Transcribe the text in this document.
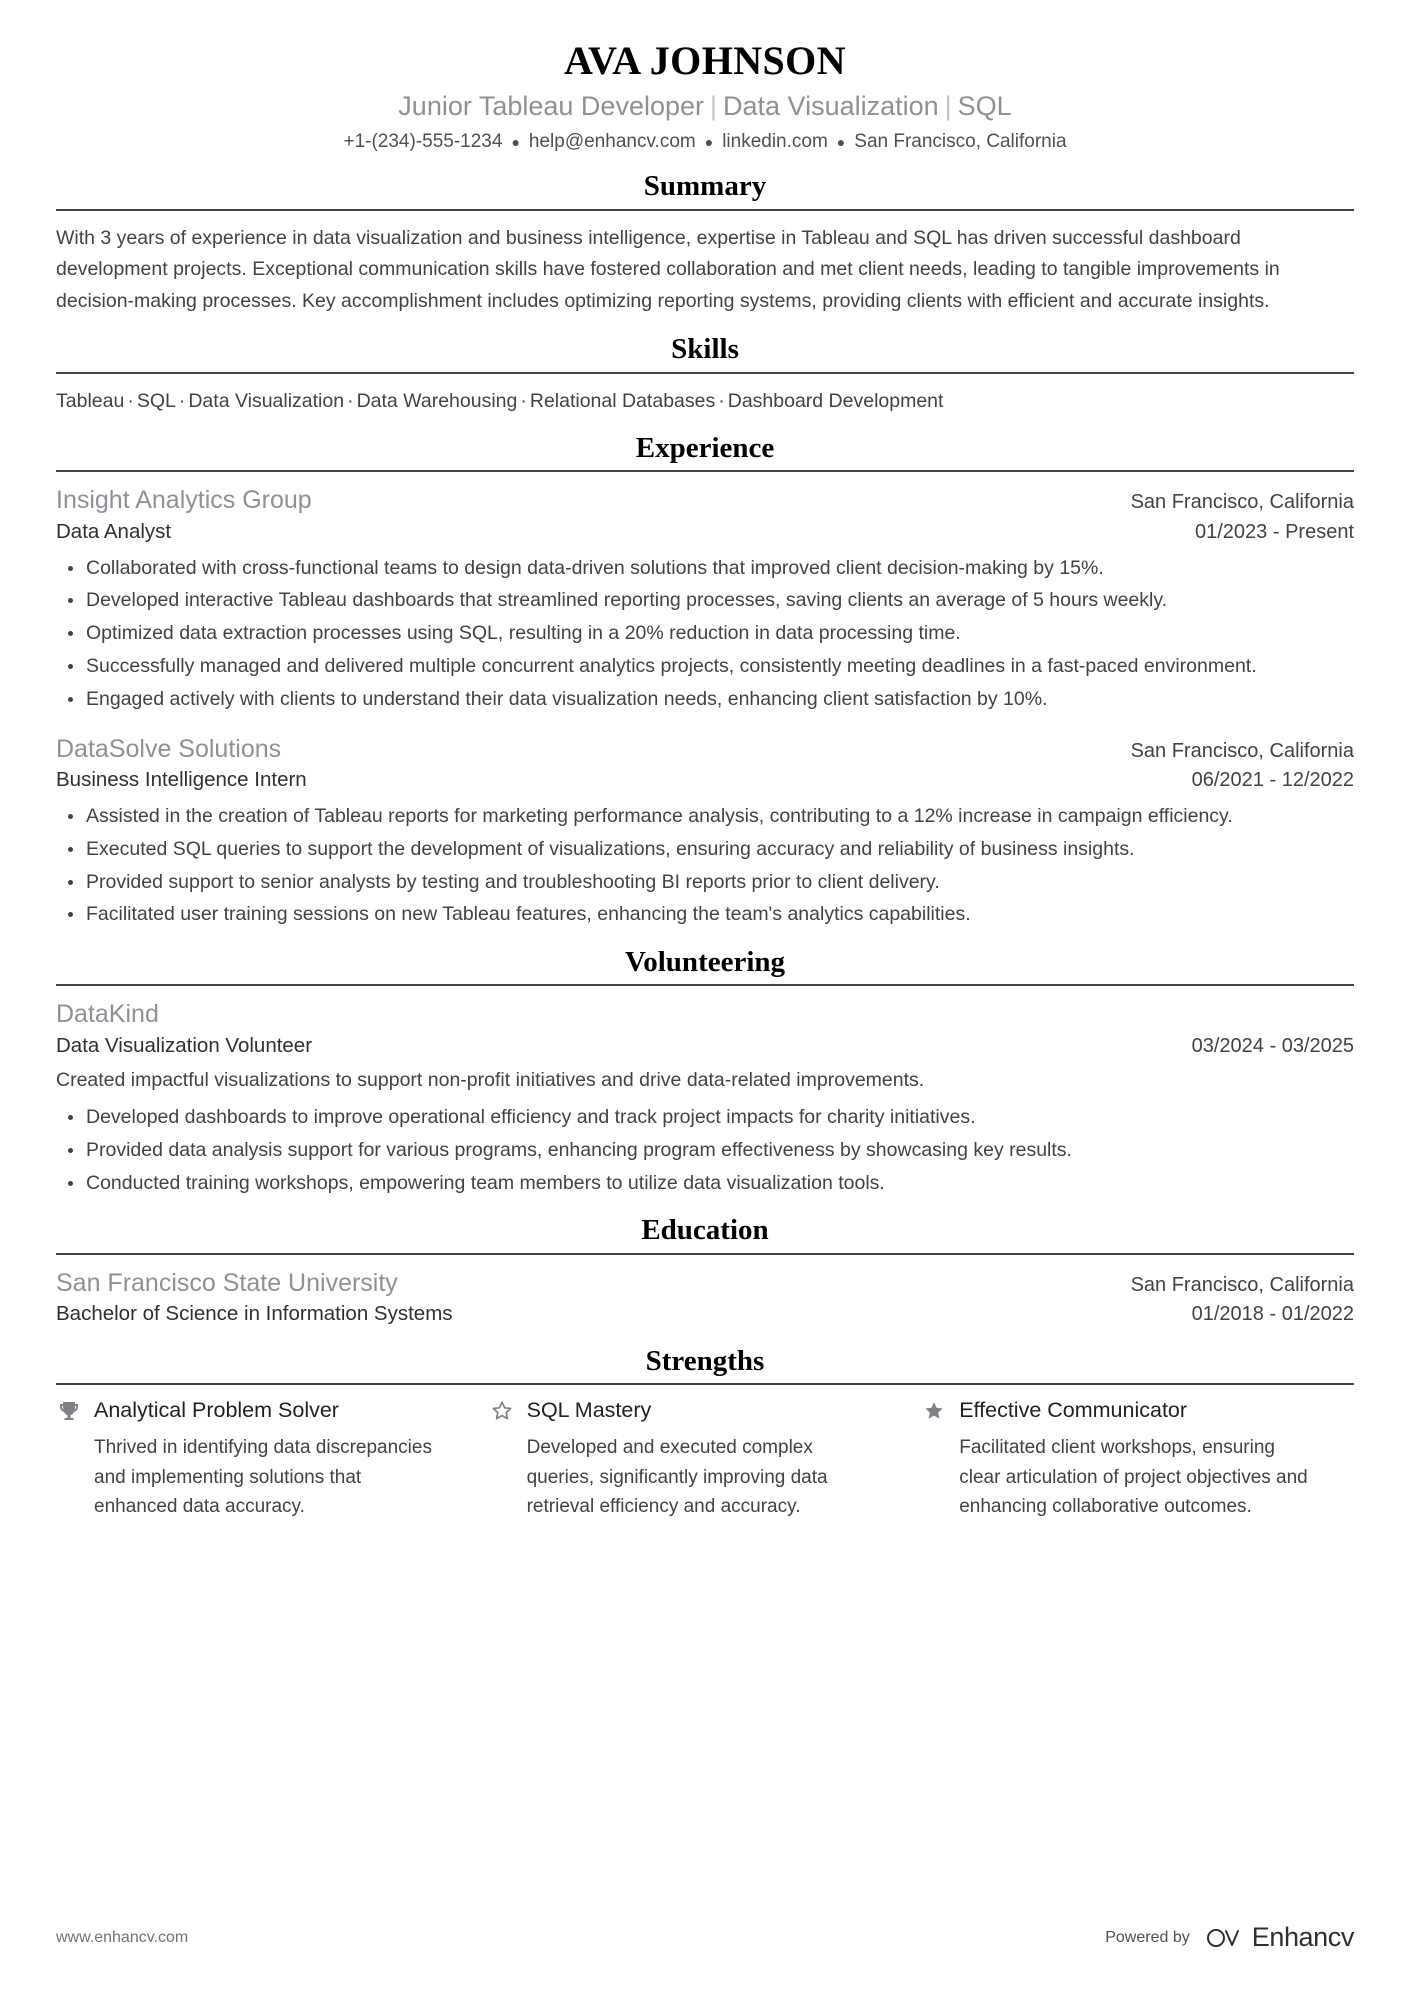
AVA JOHNSON
Junior Tableau Developer | Data Visualization | SQL
+1-(234)-555-1234 ● help@enhancv.com ● linkedin.com ● San Francisco, California
Summary

With 3 years of experience in data visualization and business intelligence, expertise in Tableau and SQL has driven successful dashboard development projects. Exceptional communication skills have fostered collaboration and met client needs, leading to tangible improvements in decision-making processes. Key accomplishment includes optimizing reporting systems, providing clients with efficient and accurate insights.

Skills
Tableau · SQL · Data Visualization · Data Warehousing · Relational Databases · Dashboard Development
Experience
Insight Analytics Group	San Francisco, California
Data Analyst	01/2023 - Present
Collaborated with cross-functional teams to design data-driven solutions that improved client decision-making by 15%.
Developed interactive Tableau dashboards that streamlined reporting processes, saving clients an average of 5 hours weekly.
Optimized data extraction processes using SQL, resulting in a 20% reduction in data processing time.
Successfully managed and delivered multiple concurrent analytics projects, consistently meeting deadlines in a fast-paced environment.
Engaged actively with clients to understand their data visualization needs, enhancing client satisfaction by 10%.
DataSolve Solutions	San Francisco, California
Business Intelligence Intern	06/2021 - 12/2022
Assisted in the creation of Tableau reports for marketing performance analysis, contributing to a 12% increase in campaign efficiency.
Executed SQL queries to support the development of visualizations, ensuring accuracy and reliability of business insights.
Provided support to senior analysts by testing and troubleshooting BI reports prior to client delivery.
Facilitated user training sessions on new Tableau features, enhancing the team's analytics capabilities.
Volunteering
DataKind
Data Visualization Volunteer	03/2024 - 03/2025
Created impactful visualizations to support non-profit initiatives and drive data-related improvements.
Developed dashboards to improve operational efficiency and track project impacts for charity initiatives.
Provided data analysis support for various programs, enhancing program effectiveness by showcasing key results.
Conducted training workshops, empowering team members to utilize data visualization tools.
Education
San Francisco State University	San Francisco, California
Bachelor of Science in Information Systems	01/2018 - 01/2022
Strengths
Analytical Problem Solver
Thrived in identifying data discrepancies and implementing solutions that enhanced data accuracy.
SQL Mastery
Developed and executed complex queries, significantly improving data retrieval efficiency and accuracy.
Effective Communicator
Facilitated client workshops, ensuring clear articulation of project objectives and enhancing collaborative outcomes.
www.enhancv.com	Powered by Enhancv
